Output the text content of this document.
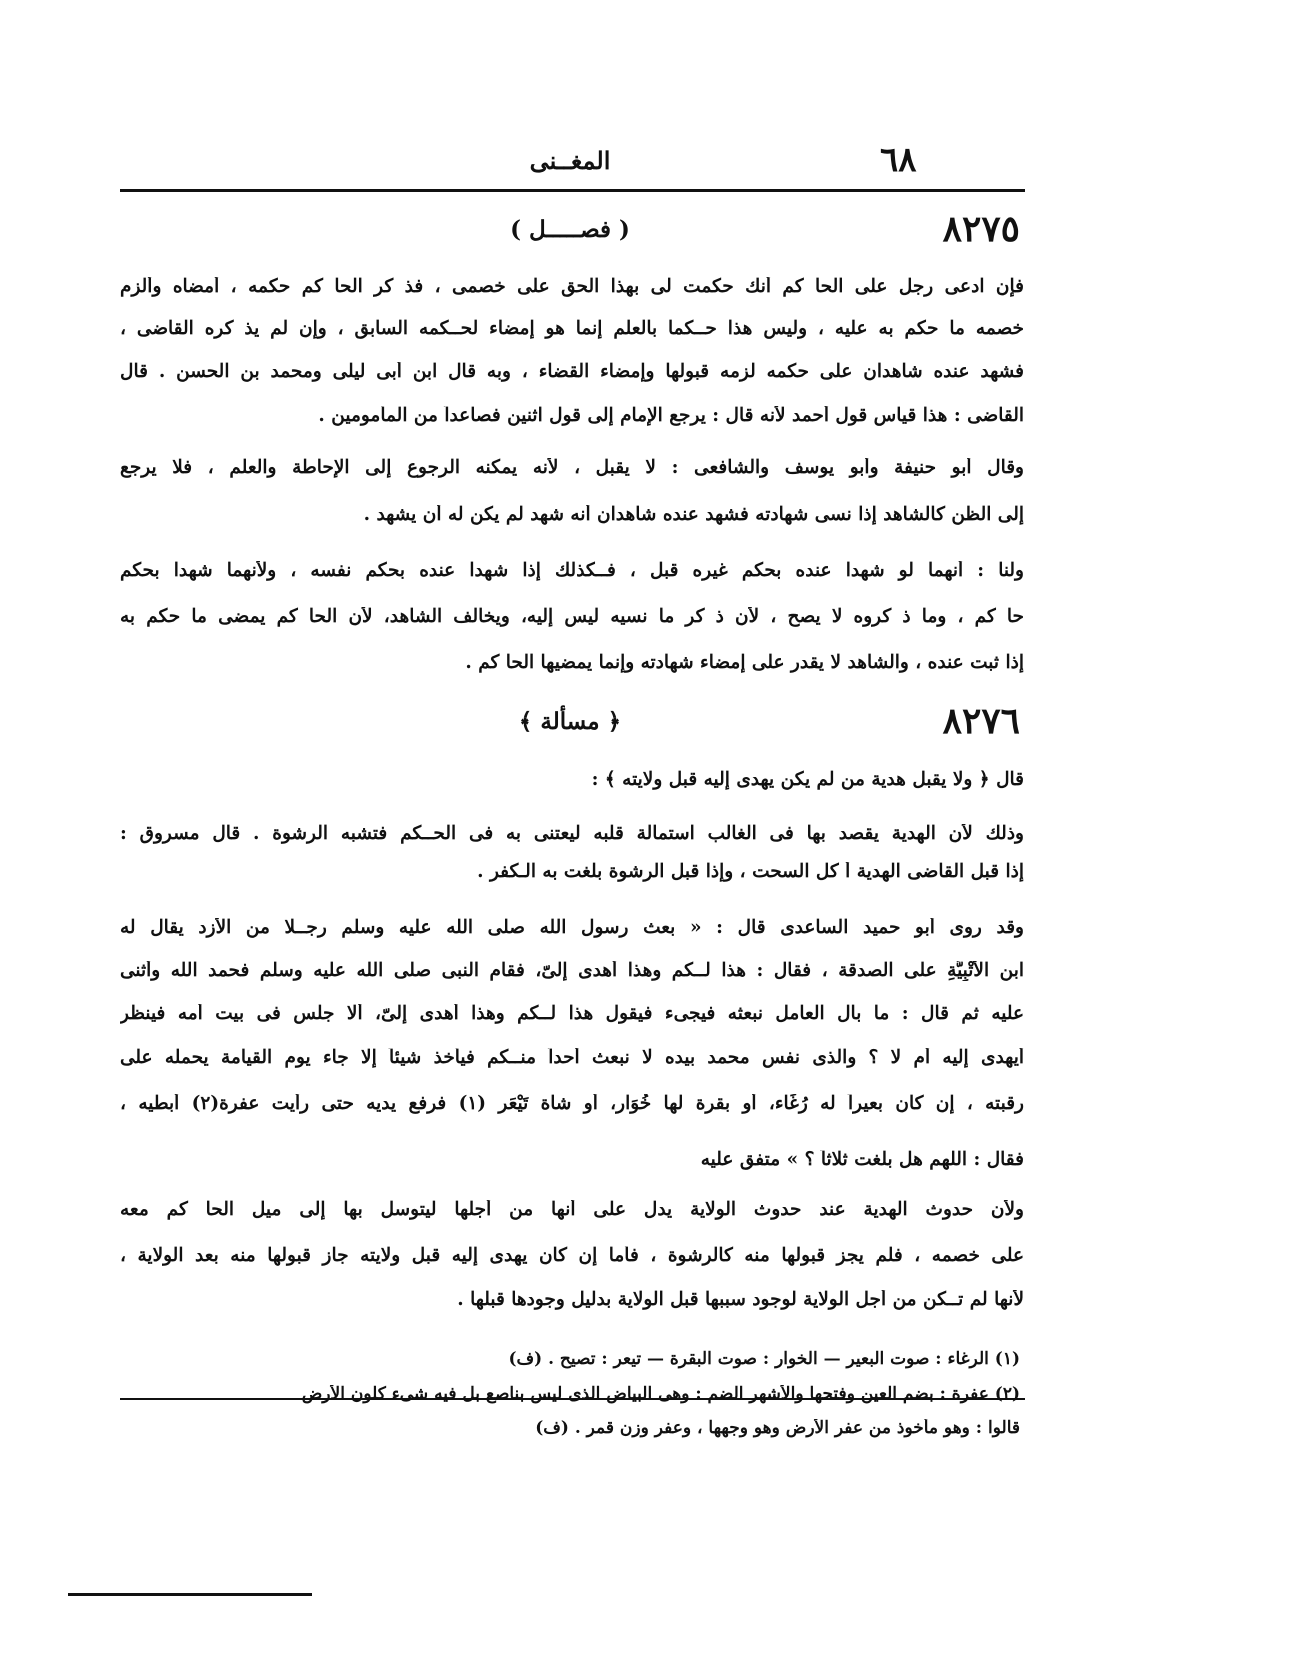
٦٨
المغــنى
٨٢٧٥
( فصـــــل )
فإن ادعى رجل على الحا كم أنك حكمت لى بهذا الحق على خصمى ، فذ كر الحا كم حكمه ، أمضاه وألزم
خصمه ما حكم به عليه ، وليس هذا حــكما بالعلم إنما هو إمضاء لحــكمه السابق ، وإن لم يذ كره القاضى ،
فشهد عنده شاهدان على حكمه لزمه قبولها وإمضاء القضاء ، وبه قال ابن أبى ليلى ومحمد بن الحسن . قال
القاضى : هذا قياس قول أحمد لأنه قال : يرجع الإمام إلى قول اثنين فصاعداً من المأمومين .
وقال أبو حنيفة وأبو يوسف والشافعى : لا يقبل ، لأنه يمكنه الرجوع إلى الإحاطة والعلم ، فلا يرجع
إلى الظن كالشاهد إذا نسى شهادته فشهد عنده شاهدان أنه شهد لم يكن له أن يشهد .
ولنا : أنهما لو شهدا عنده بحكم غيره قبل ، فــكذلك إذا شهدا عنده بحكم نفسه ، ولأنهما شهدا بحكم
حا كم ، وما ذ كروه لا يصح ، لأن ذ كر ما نسيه ليس إليه، ويخالف الشاهد، لأن الحا كم يمضى ما حكم به
إذا ثبت عنده ، والشاهد لا يقدر على إمضاء شهادته وإنما يمضيها الحا كم .
٨٢٧٦
﴿ مسألة ﴾
قال ﴿ ولا يقبل هدية من لم يكن يهدى إليه قبل ولايته ﴾ :
وذلك لأن الهدية يقصد بها فى الغالب استمالة قلبه ليعتنى به فى الحــكم فتشبه الرشوة . قال مسروق :
إذا قبل القاضى الهدية أ كل السحت ، وإذا قبل الرشوة بلغت به الـكفر .
وقد روى أبو حميد الساعدى قال : « بعث رسول الله صلى الله عليه وسلم رجــلا من الأزد يقال له
ابن الأُتْبِيَّةِ على الصدقة ، فقال : هذا لــكم وهذا أُهدى إلىّ، فقام النبى صلى الله عليه وسلم فحمد الله وأثنى
عليه ثم قال : ما بال العامل نبعثه فيجىء فيقول هذا لــكم وهذا أهدى إلىّ، ألا جلس فى بيت أمه فينظر
أيهدى إليه أم لا ؟ والذى نفس محمد بيده لا نبعث أحداً منــكم فيأخذ شيئاً إلا جاء يوم القيامة يحمله على
رقبته ، إن كان بعيراً له رُغَاء، أو بقرة لها خُوَار، أو شاة تَيْعَر (١) فرفع يديه حتى رأيت عفرة(٢) أبطيه ،
فقال : اللهم هل بلغت ثلاثاً ؟ » متفق عليه
ولأن حدوث الهدية عند حدوث الولاية يدل على أنها من أجلها ليتوسل بها إلى ميل الحا كم معه
على خصمه ، فلم يجز قبولها منه كالرشوة ، فأما إن كان يهدى إليه قبل ولايته جاز قبولها منه بعد الولاية ،
لأنها لم تــكن من أجل الولاية لوجود سببها قبل الولاية بدليل وجودها قبلها .
(١) الرغاء : صوت البعير — الخوار : صوت البقرة — تيعر : تصيح . (ف)
(٢) عفرة : بضم العين وفتحها والأشهر الضم : وهى البياض الذى ليس بناصع بل فيه شىء كلون الأرض
قالوا : وهو مأخوذ من عفر الأرض وهو وجهها ، وعفر وزن قمر . (ف)
